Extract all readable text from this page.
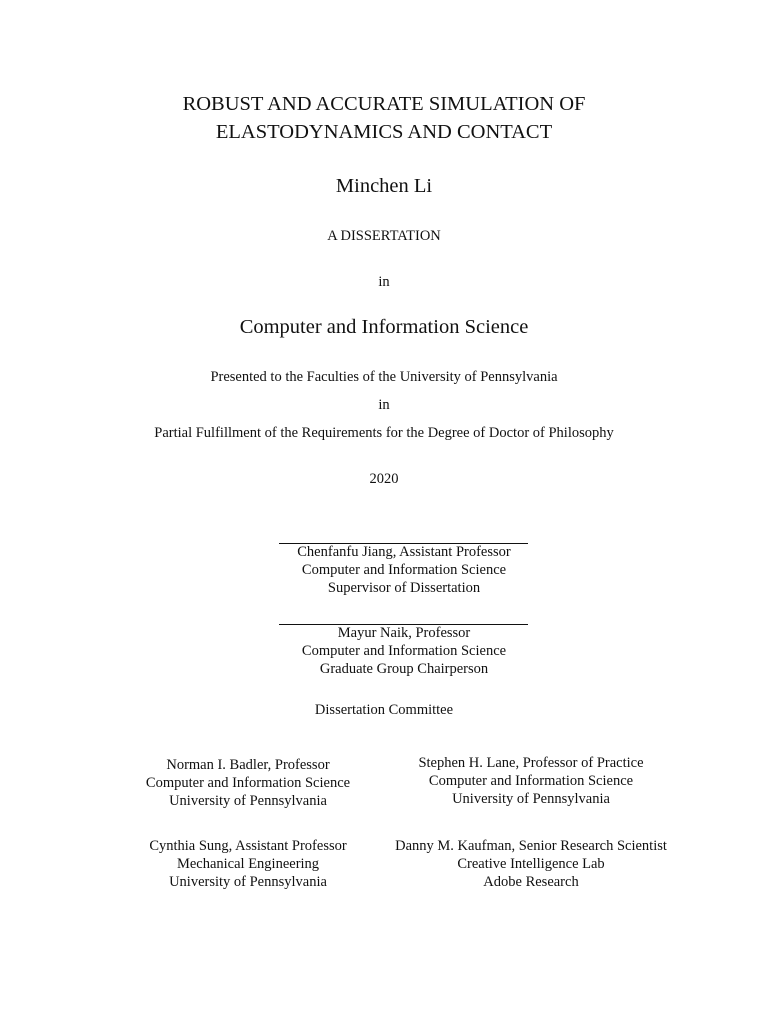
ROBUST AND ACCURATE SIMULATION OF
ELASTODYNAMICS AND CONTACT
Minchen Li
A DISSERTATION
in
Computer and Information Science
Presented to the Faculties of the University of Pennsylvania
in
Partial Fulfillment of the Requirements for the Degree of Doctor of Philosophy
2020
Chenfanfu Jiang, Assistant Professor
Computer and Information Science
Supervisor of Dissertation
Mayur Naik, Professor
Computer and Information Science
Graduate Group Chairperson
Dissertation Committee
Norman I. Badler, Professor
Computer and Information Science
University of Pennsylvania
Stephen H. Lane, Professor of Practice
Computer and Information Science
University of Pennsylvania
Cynthia Sung, Assistant Professor
Mechanical Engineering
University of Pennsylvania
Danny M. Kaufman, Senior Research Scientist
Creative Intelligence Lab
Adobe Research
